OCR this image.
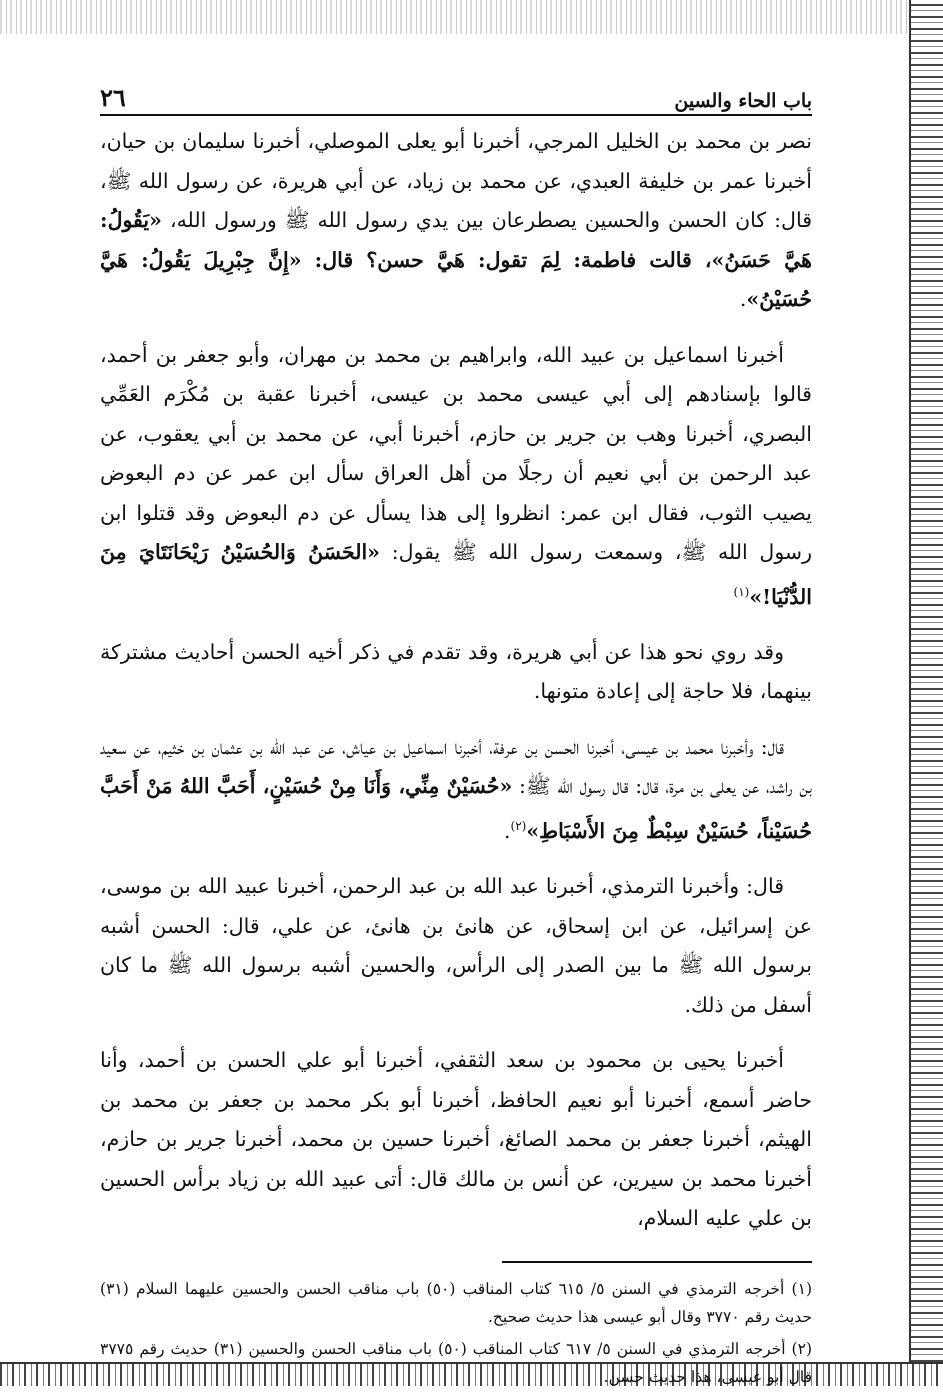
باب الحاء والسين
٢٦

نصر بن محمد بن الخليل المرجي، أخبرنا أبو يعلى الموصلي، أخبرنا سليمان بن حيان، أخبرنا عمر بن خليفة العبدي، عن محمد بن زياد، عن أبي هريرة، عن رسول الله ﷺ، قال: كان الحسن والحسين يصطرعان بين يدي رسول الله ﷺ ورسول الله، «يَقُولُ: هَيَّ حَسَنُ»، قالت فاطمة: لِمَ تقول: هَيَّ حسن؟ قال: «إِنَّ جِبْرِيلَ يَقُولُ: هَيَّ حُسَيْنُ».

أخبرنا اسماعيل بن عبيد الله، وابراهيم بن محمد بن مهران، وأبو جعفر بن أحمد، قالوا بإسنادهم إلى أبي عيسى محمد بن عيسى، أخبرنا عقبة بن مُكْرَم العَمِّي البصري، أخبرنا وهب بن جرير بن حازم، أخبرنا أبي، عن محمد بن أبي يعقوب، عن عبد الرحمن بن أبي نعيم أن رجلًا من أهل العراق سأل ابن عمر عن دم البعوض يصيب الثوب، فقال ابن عمر: انظروا إلى هذا يسأل عن دم البعوض وقد قتلوا ابن رسول الله ﷺ، وسمعت رسول الله ﷺ يقول: «الحَسَنُ وَالحُسَيْنُ رَيْحَانَتَايَ مِنَ الدُّنْيَا!»$^{(١)}$

وقد روي نحو هذا عن أبي هريرة، وقد تقدم في ذكر أخيه الحسن أحاديث مشتركة بينهما، فلا حاجة إلى إعادة متونها.

قال: وأخبرنا محمد بن عيسى، أخبرنا الحسن بن عرفة، أخبرنا اسماعيل بن عياش، عن عبد الله بن عثمان بن خثيم، عن سعيد بن راشد، عن يعلى بن مرة، قال: قال رسول الله ﷺ: «حُسَيْنٌ مِنِّي، وَأَنَا مِنْ حُسَيْنٍ، أَحَبَّ اللهُ مَنْ أَحَبَّ حُسَيْناً، حُسَيْنٌ سِبْطٌ مِنَ الأَسْبَاطِ»$^{(٢)}$.

قال: وأخبرنا الترمذي، أخبرنا عبد الله بن عبد الرحمن، أخبرنا عبيد الله بن موسى، عن إسرائيل، عن ابن إسحاق، عن هانئ بن هانئ، عن علي، قال: الحسن أشبه برسول الله ﷺ ما بين الصدر إلى الرأس، والحسين أشبه برسول الله ﷺ ما كان أسفل من ذلك.

أخبرنا يحيى بن محمود بن سعد الثقفي، أخبرنا أبو علي الحسن بن أحمد، وأنا حاضر أسمع، أخبرنا أبو نعيم الحافظ، أخبرنا أبو بكر محمد بن جعفر بن محمد بن الهيثم، أخبرنا جعفر بن محمد الصائغ، أخبرنا حسين بن محمد، أخبرنا جرير بن حازم، أخبرنا محمد بن سيرين، عن أنس بن مالك قال: أتى عبيد الله بن زياد برأس الحسين بن علي عليه السلام،

(١) أخرجه الترمذي في السنن ٥/ ٦١٥ كتاب المناقب (٥٠) باب مناقب الحسن والحسين عليهما السلام (٣١) حديث رقم ٣٧٧٠ وقال أبو عيسى هذا حديث صحيح.

(٢) أخرجه الترمذي في السنن ٥/ ٦١٧ كتاب المناقب (٥٠) باب مناقب الحسن والحسين (٣١) حديث رقم ٣٧٧٥ قال أبو عيسى، هذا حديث حسن.
